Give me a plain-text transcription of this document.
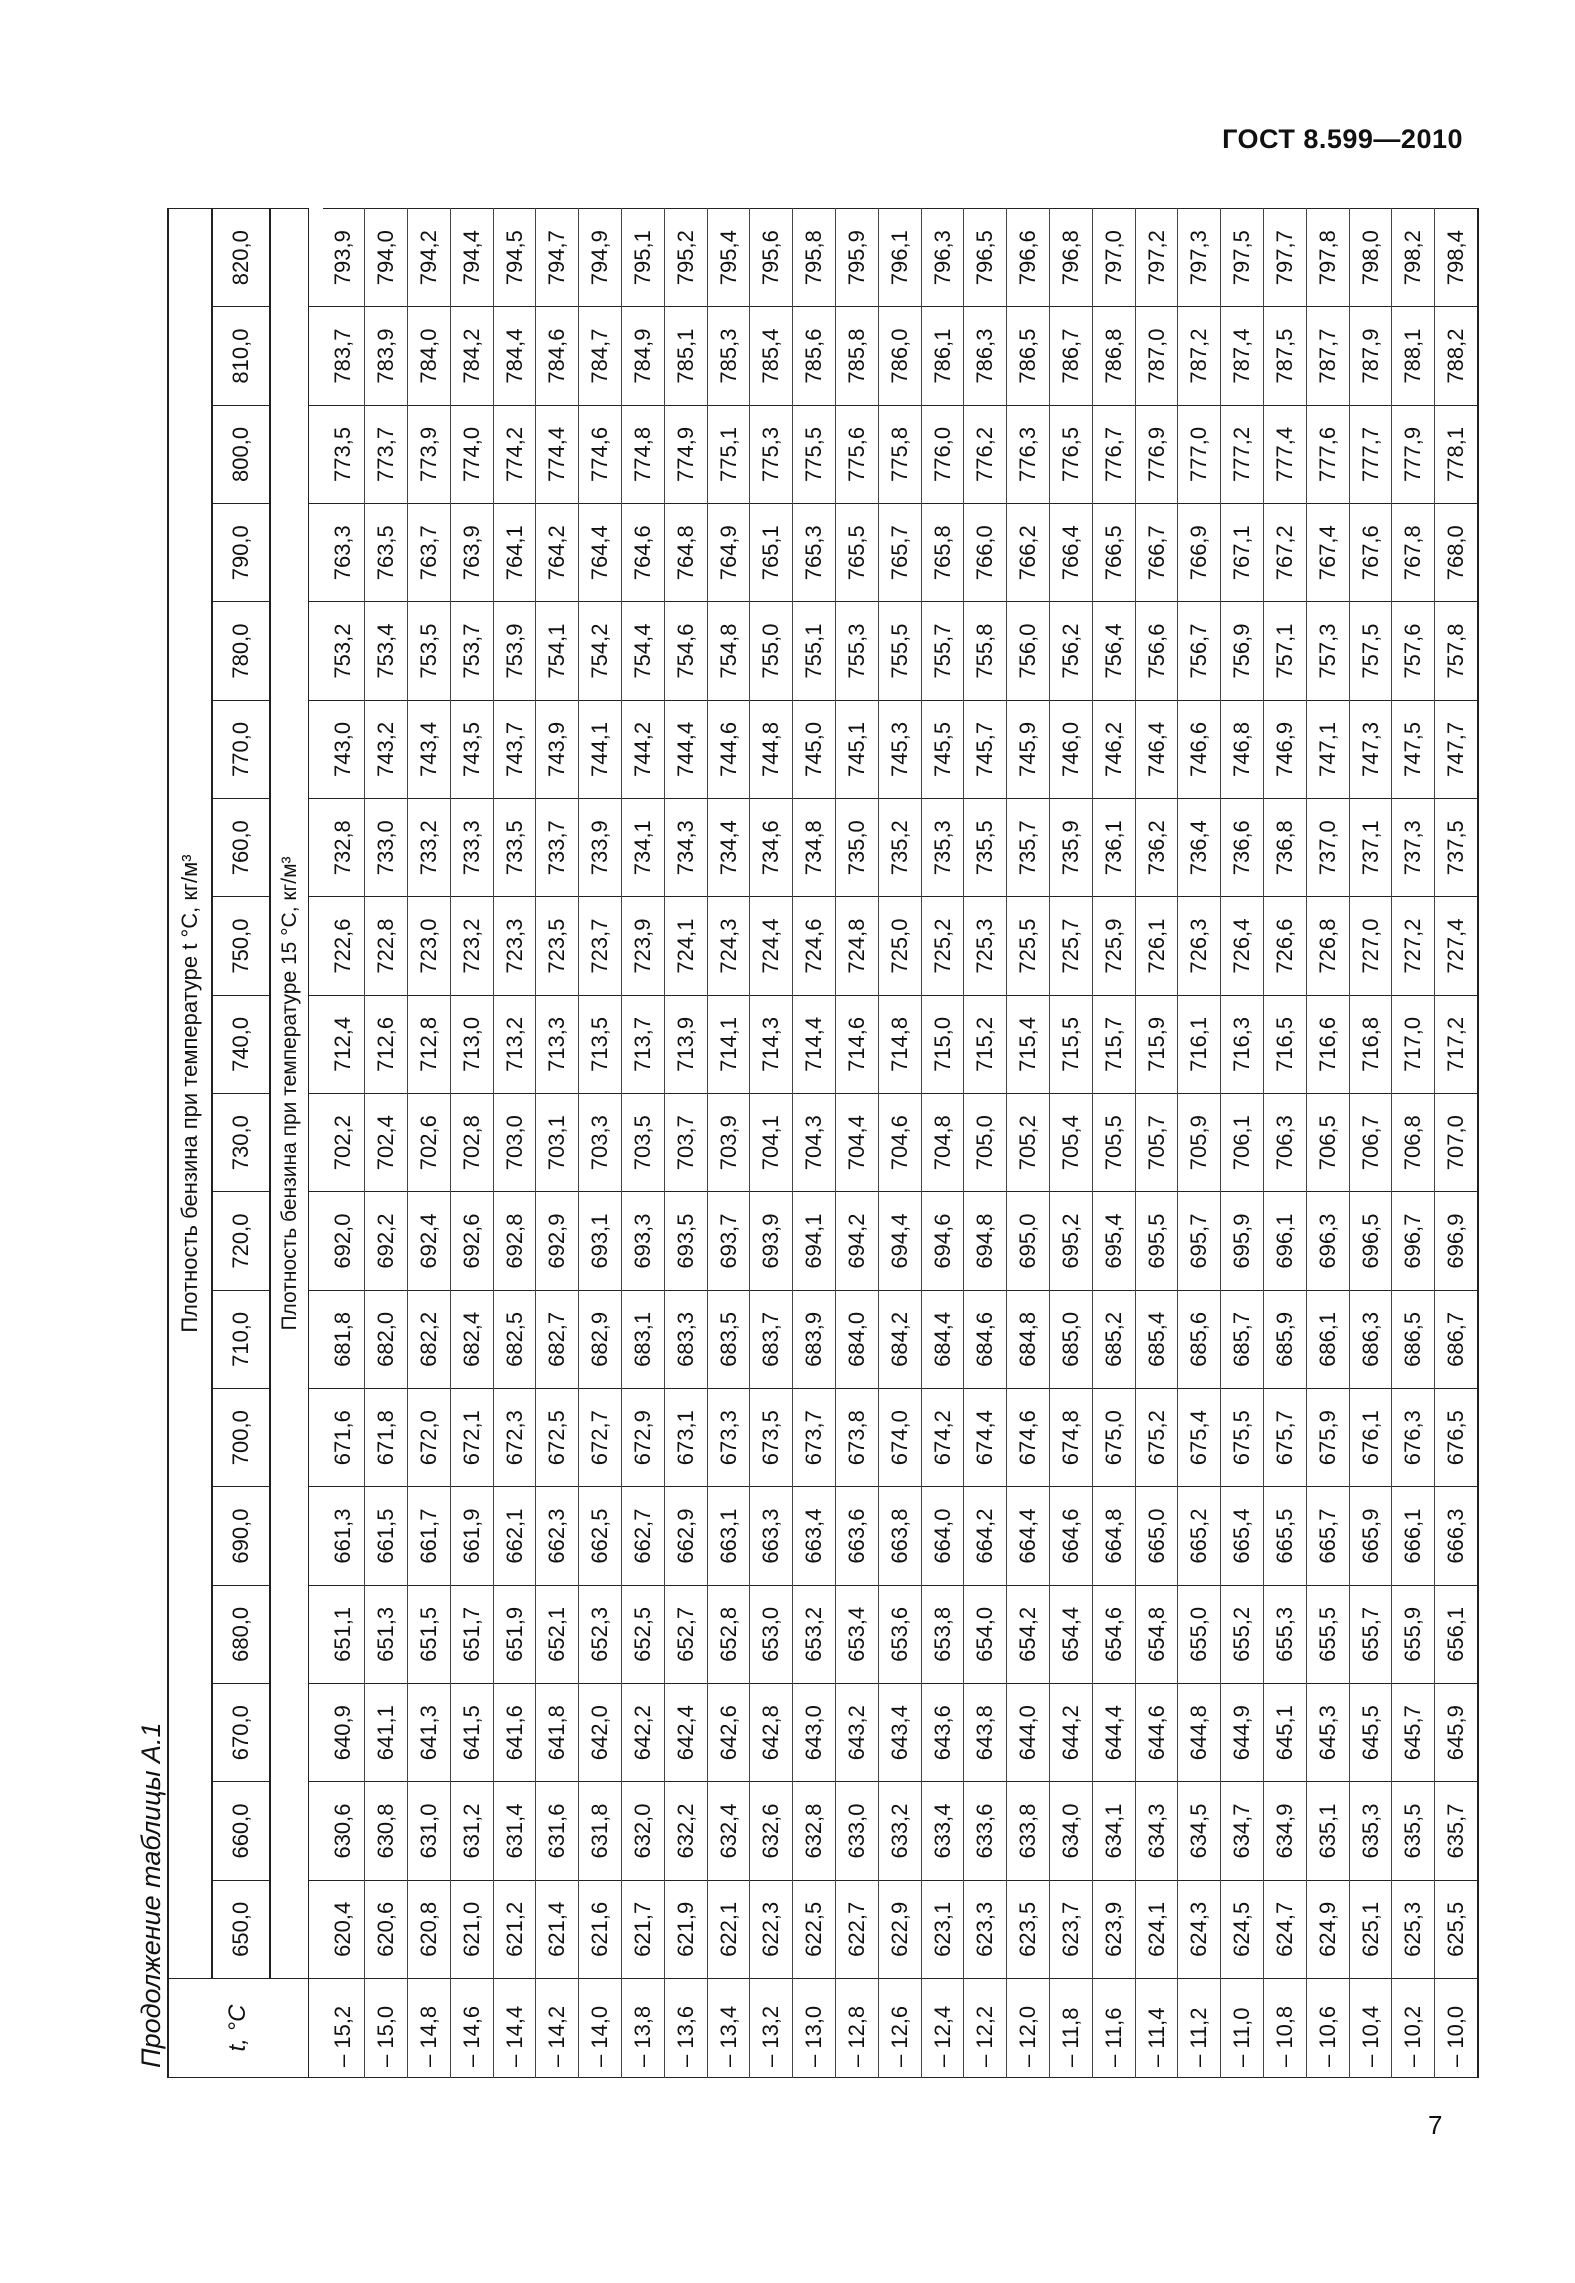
ГОСТ 8.599—2010
Продолжение таблицы А.1 t, °С	Плотность бензина при температуре t °С, кг/м³																	
	650,0	660,0	670,0	680,0	690,0	700,0	710,0	720,0	730,0	740,0	750,0	760,0	770,0	780,0	790,0	800,0	810,0	820,0
	Плотность бензина при температуре 15 °С, кг/м³																	

– 15,2	620,4	630,6	640,9	651,1	661,3	671,6	681,8	692,0	702,2	712,4	722,6	732,8	743,0	753,2	763,3	773,5	783,7	793,9
– 15,0	620,6	630,8	641,1	651,3	661,5	671,8	682,0	692,2	702,4	712,6	722,8	733,0	743,2	753,4	763,5	773,7	783,9	794,0
– 14,8	620,8	631,0	641,3	651,5	661,7	672,0	682,2	692,4	702,6	712,8	723,0	733,2	743,4	753,5	763,7	773,9	784,0	794,2
– 14,6	621,0	631,2	641,5	651,7	661,9	672,1	682,4	692,6	702,8	713,0	723,2	733,3	743,5	753,7	763,9	774,0	784,2	794,4
– 14,4	621,2	631,4	641,6	651,9	662,1	672,3	682,5	692,8	703,0	713,2	723,3	733,5	743,7	753,9	764,1	774,2	784,4	794,5
– 14,2	621,4	631,6	641,8	652,1	662,3	672,5	682,7	692,9	703,1	713,3	723,5	733,7	743,9	754,1	764,2	774,4	784,6	794,7
– 14,0	621,6	631,8	642,0	652,3	662,5	672,7	682,9	693,1	703,3	713,5	723,7	733,9	744,1	754,2	764,4	774,6	784,7	794,9
– 13,8	621,7	632,0	642,2	652,5	662,7	672,9	683,1	693,3	703,5	713,7	723,9	734,1	744,2	754,4	764,6	774,8	784,9	795,1
– 13,6	621,9	632,2	642,4	652,7	662,9	673,1	683,3	693,5	703,7	713,9	724,1	734,3	744,4	754,6	764,8	774,9	785,1	795,2
– 13,4	622,1	632,4	642,6	652,8	663,1	673,3	683,5	693,7	703,9	714,1	724,3	734,4	744,6	754,8	764,9	775,1	785,3	795,4
– 13,2	622,3	632,6	642,8	653,0	663,3	673,5	683,7	693,9	704,1	714,3	724,4	734,6	744,8	755,0	765,1	775,3	785,4	795,6
– 13,0	622,5	632,8	643,0	653,2	663,4	673,7	683,9	694,1	704,3	714,4	724,6	734,8	745,0	755,1	765,3	775,5	785,6	795,8
– 12,8	622,7	633,0	643,2	653,4	663,6	673,8	684,0	694,2	704,4	714,6	724,8	735,0	745,1	755,3	765,5	775,6	785,8	795,9
– 12,6	622,9	633,2	643,4	653,6	663,8	674,0	684,2	694,4	704,6	714,8	725,0	735,2	745,3	755,5	765,7	775,8	786,0	796,1
– 12,4	623,1	633,4	643,6	653,8	664,0	674,2	684,4	694,6	704,8	715,0	725,2	735,3	745,5	755,7	765,8	776,0	786,1	796,3
– 12,2	623,3	633,6	643,8	654,0	664,2	674,4	684,6	694,8	705,0	715,2	725,3	735,5	745,7	755,8	766,0	776,2	786,3	796,5
– 12,0	623,5	633,8	644,0	654,2	664,4	674,6	684,8	695,0	705,2	715,4	725,5	735,7	745,9	756,0	766,2	776,3	786,5	796,6
– 11,8	623,7	634,0	644,2	654,4	664,6	674,8	685,0	695,2	705,4	715,5	725,7	735,9	746,0	756,2	766,4	776,5	786,7	796,8
– 11,6	623,9	634,1	644,4	654,6	664,8	675,0	685,2	695,4	705,5	715,7	725,9	736,1	746,2	756,4	766,5	776,7	786,8	797,0
– 11,4	624,1	634,3	644,6	654,8	665,0	675,2	685,4	695,5	705,7	715,9	726,1	736,2	746,4	756,6	766,7	776,9	787,0	797,2
– 11,2	624,3	634,5	644,8	655,0	665,2	675,4	685,6	695,7	705,9	716,1	726,3	736,4	746,6	756,7	766,9	777,0	787,2	797,3
– 11,0	624,5	634,7	644,9	655,2	665,4	675,5	685,7	695,9	706,1	716,3	726,4	736,6	746,8	756,9	767,1	777,2	787,4	797,5
– 10,8	624,7	634,9	645,1	655,3	665,5	675,7	685,9	696,1	706,3	716,5	726,6	736,8	746,9	757,1	767,2	777,4	787,5	797,7
– 10,6	624,9	635,1	645,3	655,5	665,7	675,9	686,1	696,3	706,5	716,6	726,8	737,0	747,1	757,3	767,4	777,6	787,7	797,8
– 10,4	625,1	635,3	645,5	655,7	665,9	676,1	686,3	696,5	706,7	716,8	727,0	737,1	747,3	757,5	767,6	777,7	787,9	798,0
– 10,2	625,3	635,5	645,7	655,9	666,1	676,3	686,5	696,7	706,8	717,0	727,2	737,3	747,5	757,6	767,8	777,9	788,1	798,2
– 10,0	625,5	635,7	645,9	656,1	666,3	676,5	686,7	696,9	707,0	717,2	727,4	737,5	747,7	757,8	768,0	778,1	788,2	798,4
7
